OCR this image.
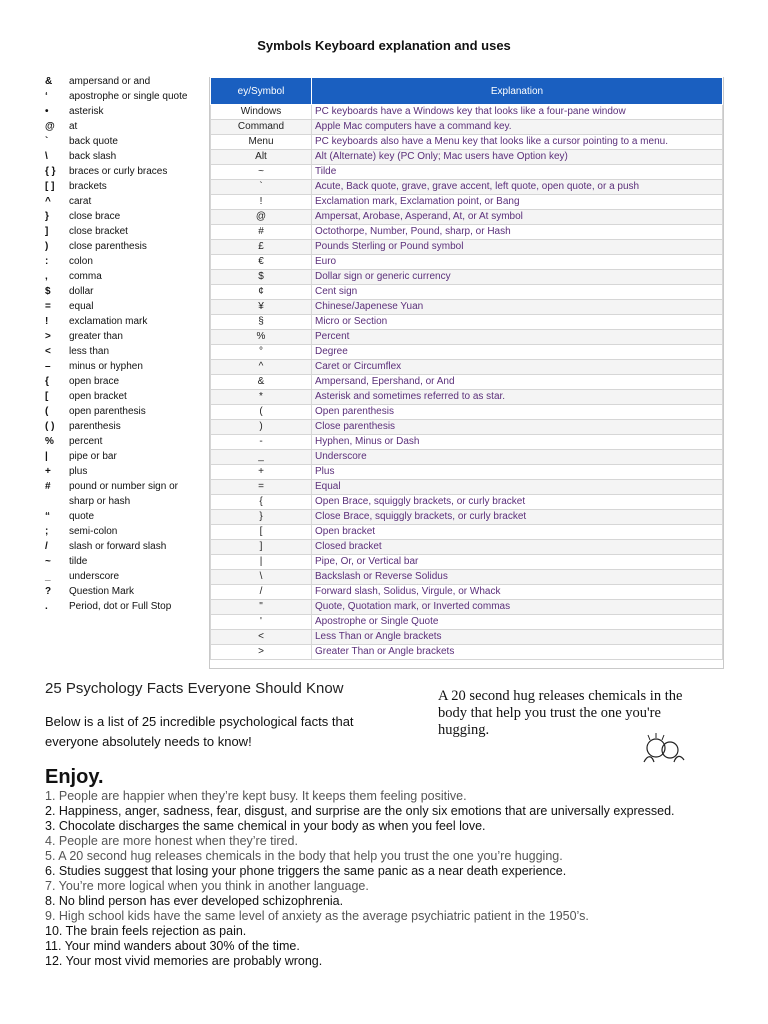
Symbols Keyboard explanation and uses
&	ampersand or and
‘	apostrophe or single quote
•	asterisk
@	at
`	back quote
\	back slash
{ }	braces or curly braces
[ ]	brackets
^	carat
}	close brace
]	close bracket
)	close parenthesis
:	colon
,	comma
$	dollar
=	equal
!	exclamation mark
>	greater than
<	less than
–	minus or hyphen
{	open brace
[	open bracket
(	open parenthesis
( )	parenthesis
%	percent
|	pipe or bar
+	plus
#	pound or number sign or sharp or hash
“	quote
;	semi-colon
/	slash or forward slash
~	tilde
_	underscore
?	Question Mark
.	Period, dot or Full Stop
ey/Symbol	Explanation
Windows	PC keyboards have a Windows key that looks like a four-pane window
Command	Apple Mac computers have a command key.
Menu	PC keyboards also have a Menu key that looks like a cursor pointing to a menu.
Alt	Alt (Alternate) key (PC Only; Mac users have Option key)
~	Tilde
`	Acute, Back quote, grave, grave accent, left quote, open quote, or a push
!	Exclamation mark, Exclamation point, or Bang
@	Ampersat, Arobase, Asperand, At, or At symbol
#	Octothorpe, Number, Pound, sharp, or Hash
£	Pounds Sterling or Pound symbol
€	Euro
$	Dollar sign or generic currency
¢	Cent sign
¥	Chinese/Japenese Yuan
§	Micro or Section
%	Percent
°	Degree
^	Caret or Circumflex
&	Ampersand, Epershand, or And
*	Asterisk and sometimes referred to as star.
(	Open parenthesis
)	Close parenthesis
-	Hyphen, Minus or Dash
_	Underscore
+	Plus
=	Equal
{	Open Brace, squiggly brackets, or curly bracket
}	Close Brace, squiggly brackets, or curly bracket
[	Open bracket
]	Closed bracket
|	Pipe, Or, or Vertical bar
\	Backslash or Reverse Solidus
/	Forward slash, Solidus, Virgule, or Whack
"	Quote, Quotation mark, or Inverted commas
'	Apostrophe or Single Quote
<	Less Than or Angle brackets
>	Greater Than or Angle brackets
25 Psychology Facts Everyone Should Know
Below is a list of 25 incredible psychological facts that everyone absolutely needs to know!
A 20 second hug releases chemicals in the body that help you trust the one you're hugging.
Enjoy.
1. People are happier when they’re kept busy. It keeps them feeling positive.
2. Happiness, anger, sadness, fear, disgust, and surprise are the only six emotions that are universally expressed.
3. Chocolate discharges the same chemical in your body as when you feel love.
4. People are more honest when they’re tired.
5. A 20 second hug releases chemicals in the body that help you trust the one you’re hugging.
6. Studies suggest that losing your phone triggers the same panic as a near death experience.
7. You’re more logical when you think in another language.
8. No blind person has ever developed schizophrenia.
9. High school kids have the same level of anxiety as the average psychiatric patient in the 1950’s.
10. The brain feels rejection as pain.
11. Your mind wanders about 30% of the time.
12. Your most vivid memories are probably wrong.
